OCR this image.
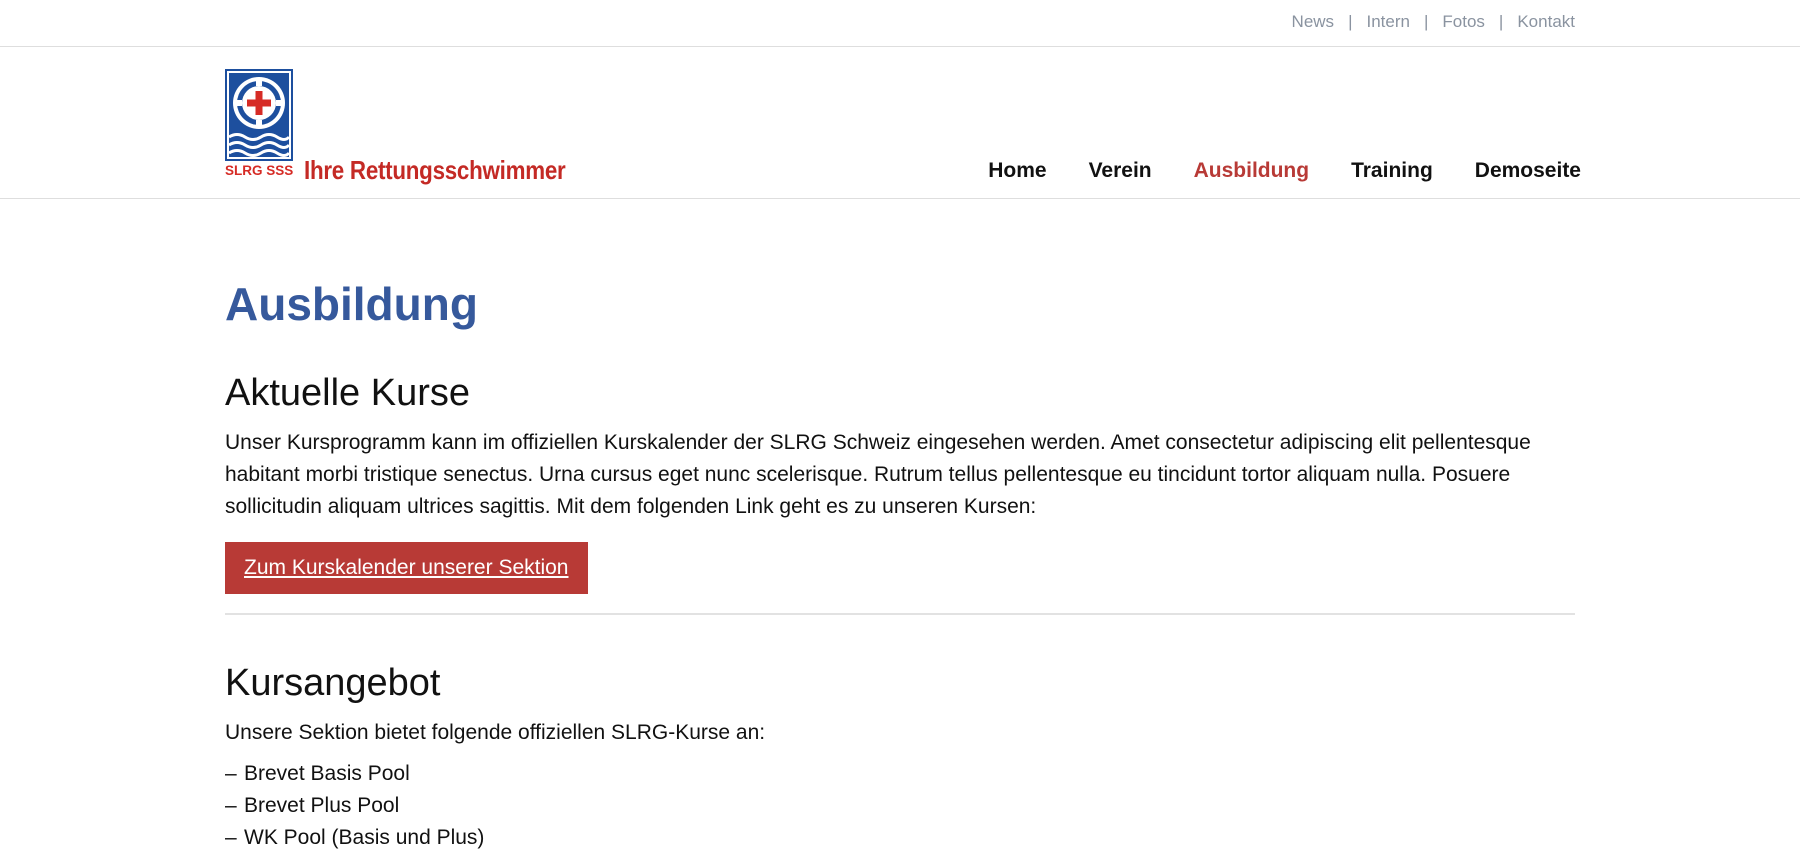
News | Intern | Fotos | Kontakt
SLRG SSS Ihre Rettungsschwimmer	Home Verein Ausbildung Training Demoseite
Ausbildung
Aktuelle Kurse

Unser Kursprogramm kann im offiziellen Kurskalender der SLRG Schweiz eingesehen werden. Amet consectetur adipiscing elit pellentesque habitant morbi tristique senectus. Urna cursus eget nunc scelerisque. Rutrum tellus pellentesque eu tincidunt tortor aliquam nulla. Posuere sollicitudin aliquam ultrices sagittis. Mit dem folgenden Link geht es zu unseren Kursen:

Zum Kurskalender unserer Sektion
Kursangebot

Unsere Sektion bietet folgende offiziellen SLRG-Kurse an:

– Brevet Basis Pool
– Brevet Plus Pool
– WK Pool (Basis und Plus)
